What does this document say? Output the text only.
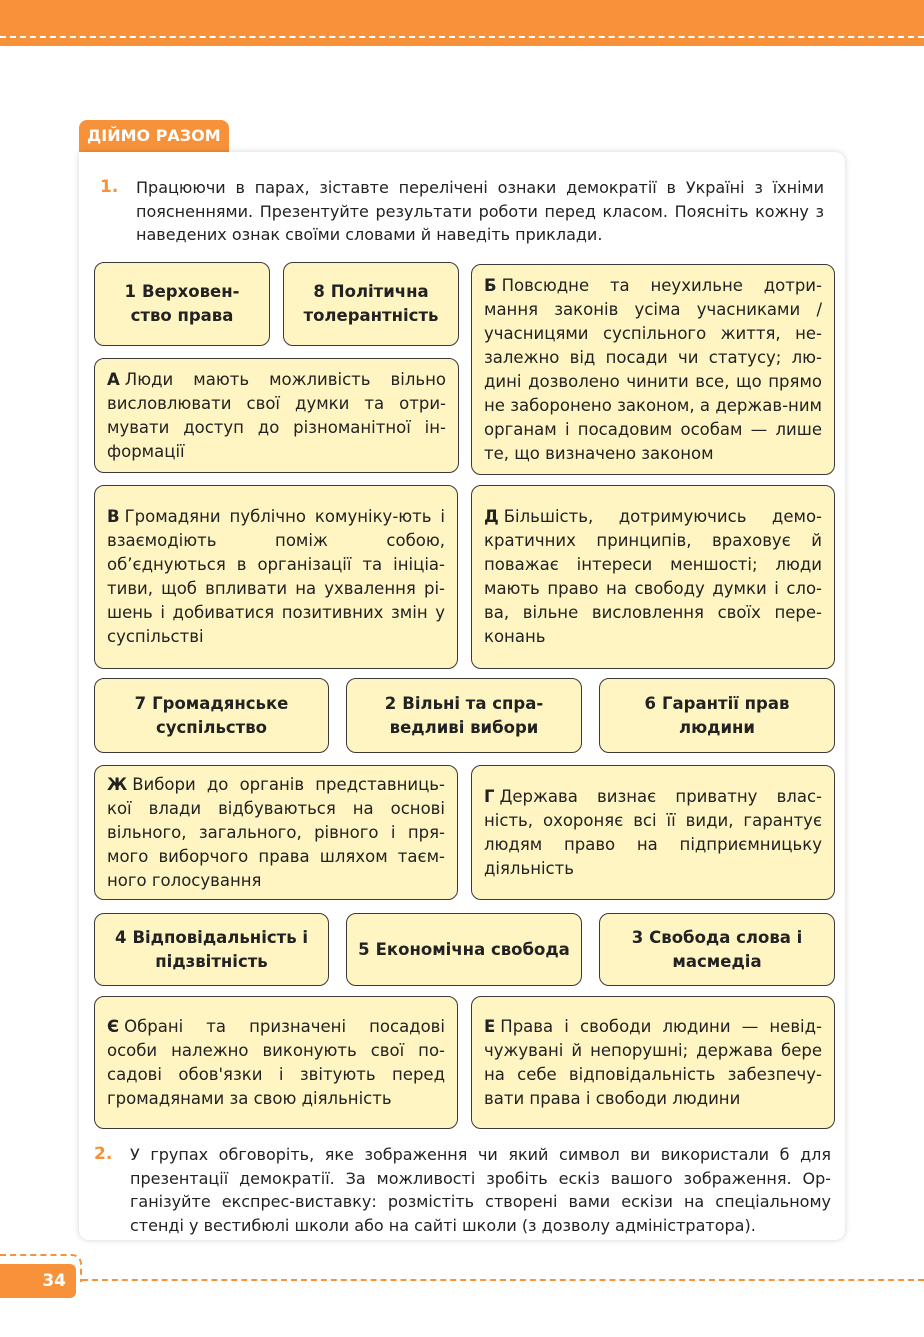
ДІЙМО РАЗОМ
1. Працюючи в парах, зіставте перелічені ознаки демократії в Україні з їхніми поясненнями. Презентуйте результати роботи перед класом. Поясніть кожну з наведених ознак своїми словами й наведіть приклади.
1 Верховен-ство права
8 Політична толерантність
Б Повсюдне та неухильне дотри-мання законів усіма учасниками / учасницями суспільного життя, не-залежно від посади чи статусу; лю-дині дозволено чинити все, що прямо не заборонено законом, а держав-ним органам і посадовим особам — лише те, що визначено законом
А Люди мають можливість вільно висловлювати свої думки та отри-мувати доступ до різноманітної ін-формації
В Громадяни публічно комуніку-ють і взаємодіють поміж собою, об’єднуються в організації та ініціа-тиви, щоб впливати на ухвалення рі-шень і добиватися позитивних змін у суспільстві
Д Більшість, дотримуючись демо-кратичних принципів, враховує й поважає інтереси меншості; люди мають право на свободу думки і сло-ва, вільне висловлення своїх пере-конань
7 Громадянське суспільство
2 Вільні та спра-ведливі вибори
6 Гарантії прав людини
Ж Вибори до органів представниць-кої влади відбуваються на основі вільного, загального, рівного і пря-мого виборчого права шляхом таєм-ного голосування
Г Держава визнає приватну влас-ність, охороняє всі її види, гарантує людям право на підприємницьку діяльність
4 Відповідальність і підзвітність
5 Економічна свобода
3 Свобода слова і масмедіа
Є Обрані та призначені посадові особи належно виконують свої по-садові обов'язки і звітують перед громадянами за свою діяльність
Е Права і свободи людини — невід-чужувані й непорушні; держава бере на себе відповідальність забезпечу-вати права і свободи людини
2. У групах обговоріть, яке зображення чи який символ ви використали б для презентації демократії. За можливості зробіть ескіз вашого зображення. Ор-ганізуйте експрес-виставку: розмістіть створені вами ескізи на спеціальному стенді у вестибюлі школи або на сайті школи (з дозволу адміністратора).
34
